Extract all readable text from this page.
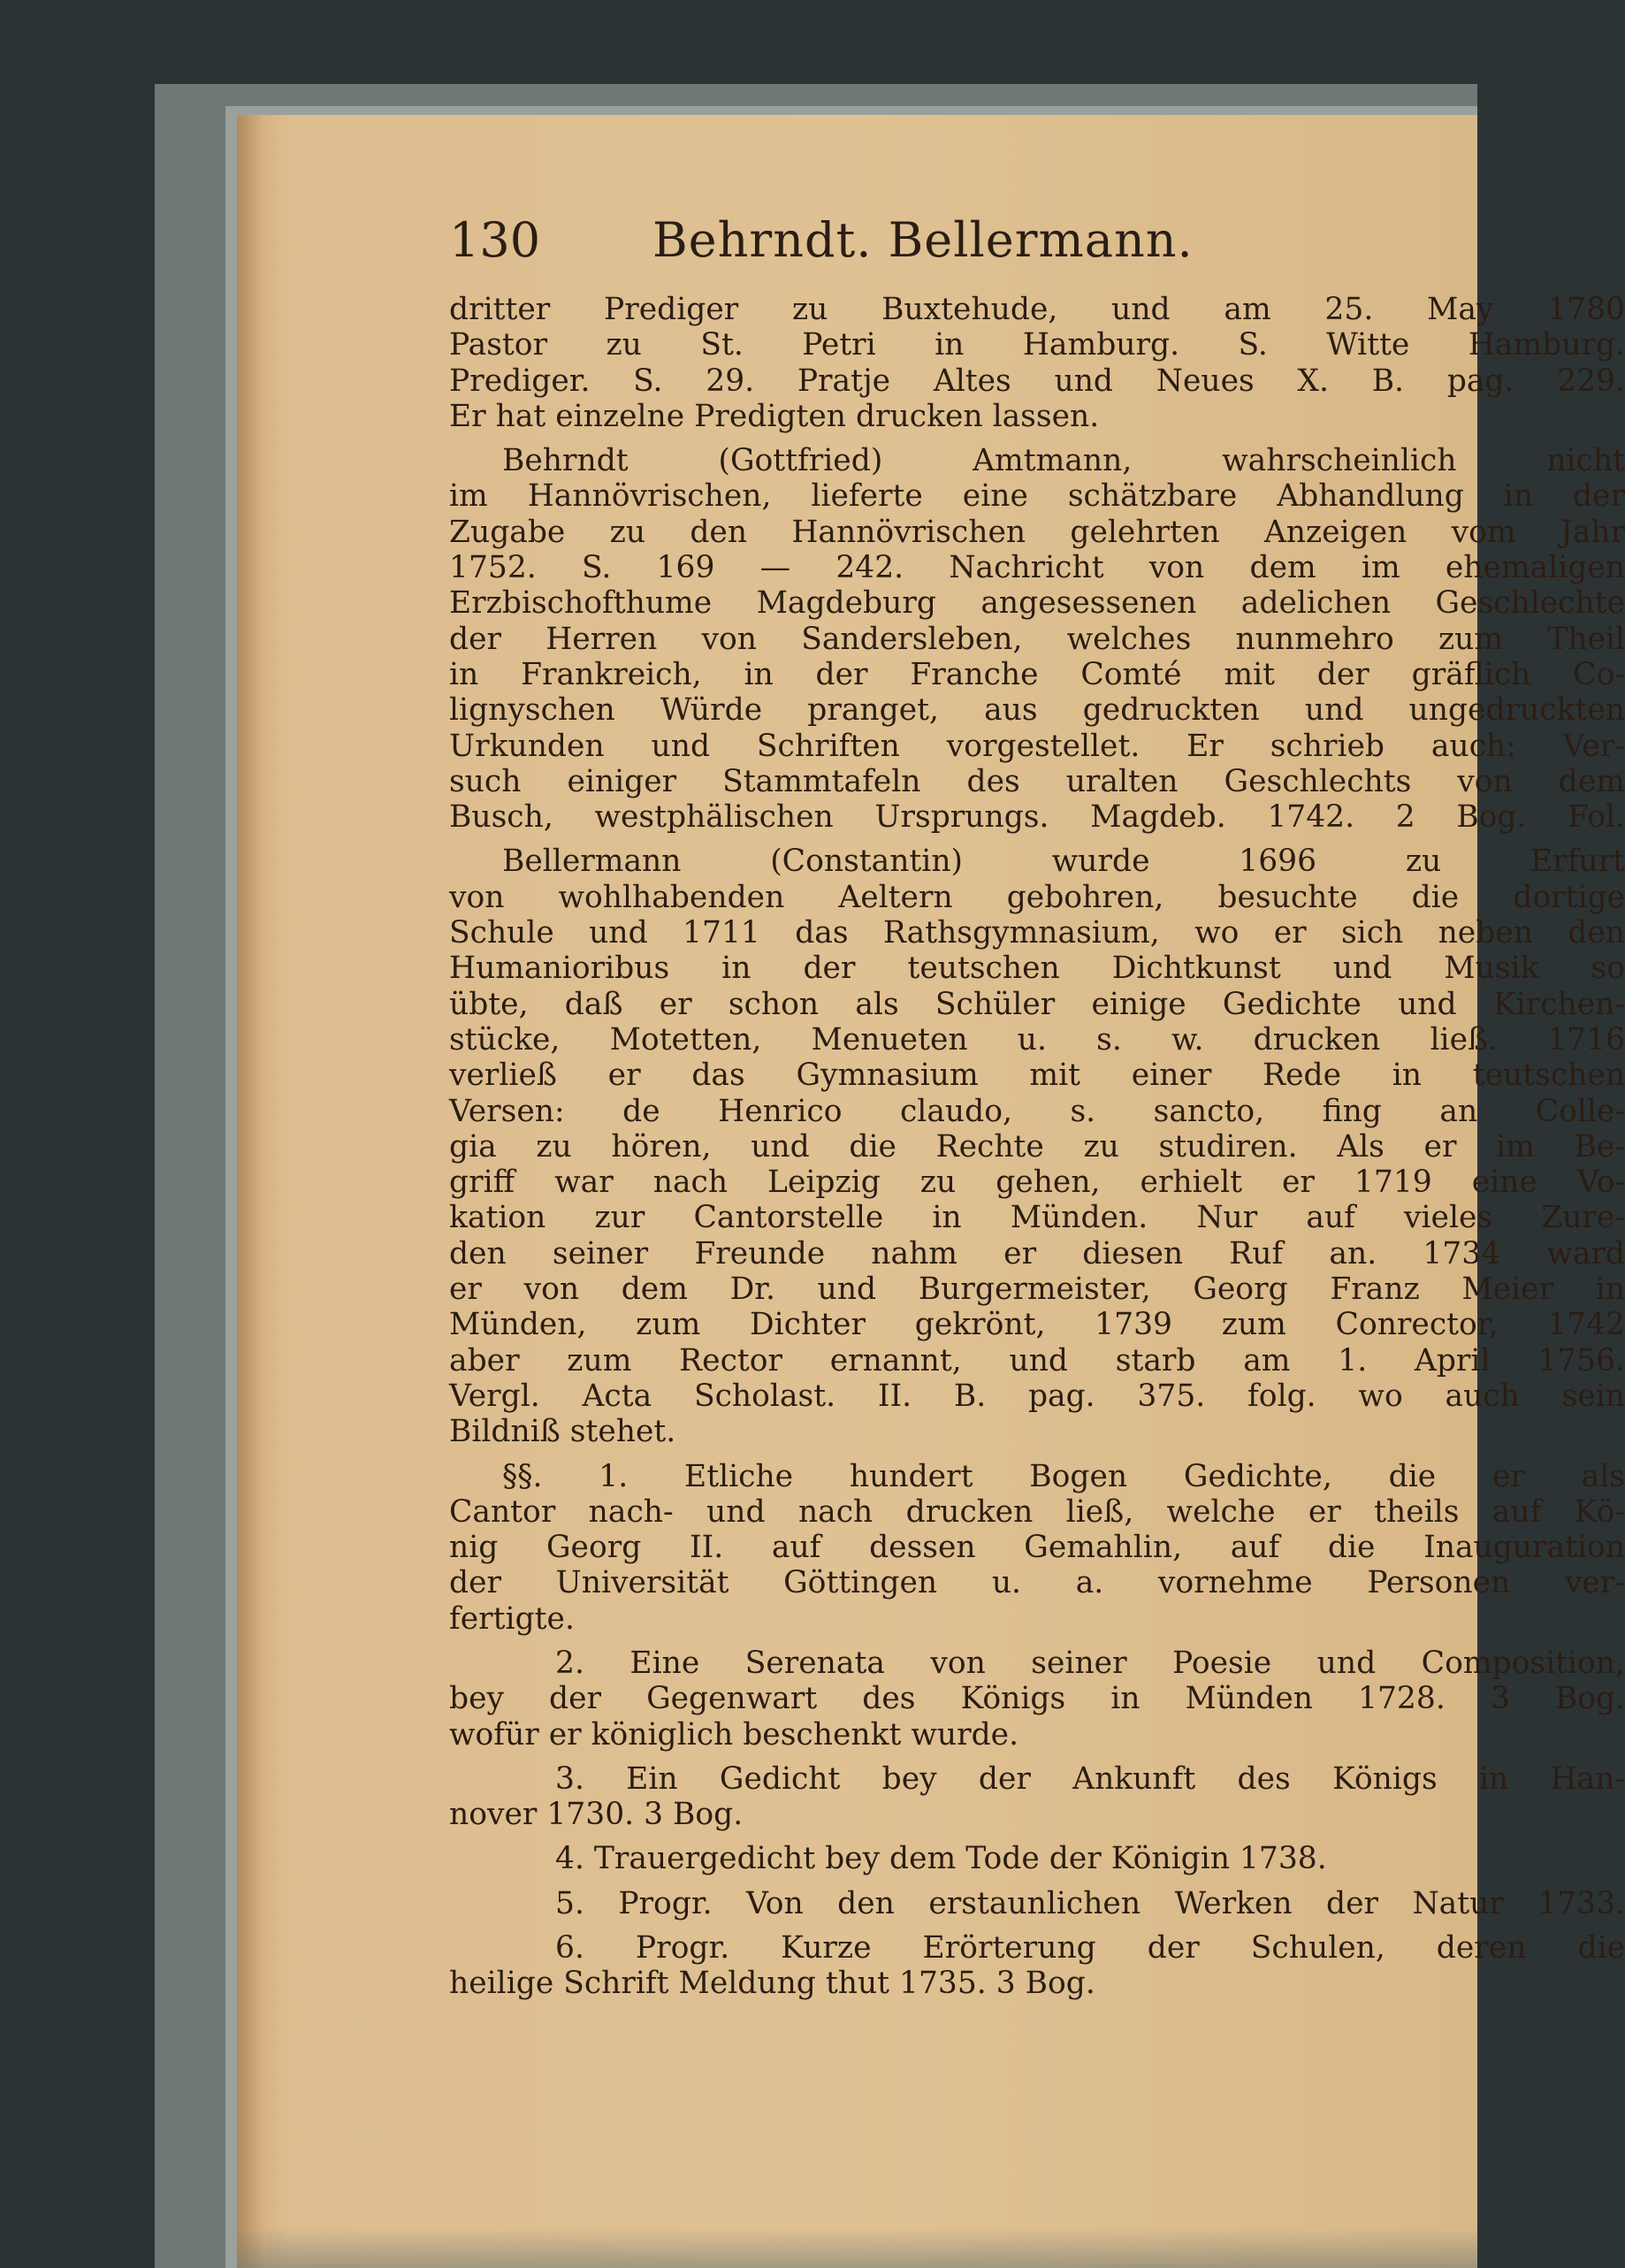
130 Behrndt. Bellermann.
dritter Prediger zu Buxtehude, und am 25. May 1780
Pastor zu St. Petri in Hamburg. S. Witte Hamburg.
Prediger. S. 29. Pratje Altes und Neues X. B. pag. 229.
Er hat einzelne Predigten drucken lassen.
Behrndt (Gottfried) Amtmann, wahrscheinlich nicht
im Hannövrischen, lieferte eine schätzbare Abhandlung in der
Zugabe zu den Hannövrischen gelehrten Anzeigen vom Jahr
1752. S. 169 — 242. Nachricht von dem im ehemaligen
Erzbischofthume Magdeburg angesessenen adelichen Geschlechte
der Herren von Sandersleben, welches nunmehro zum Theil
in Frankreich, in der Franche Comté mit der gräflich Co-
lignyschen Würde pranget, aus gedruckten und ungedruckten
Urkunden und Schriften vorgestellet. Er schrieb auch: Ver-
such einiger Stammtafeln des uralten Geschlechts von dem
Busch, westphälischen Ursprungs. Magdeb. 1742. 2 Bog. Fol.
Bellermann (Constantin) wurde 1696 zu Erfurt
von wohlhabenden Aeltern gebohren, besuchte die dortige
Schule und 1711 das Rathsgymnasium, wo er sich neben den
Humanioribus in der teutschen Dichtkunst und Musik so
übte, daß er schon als Schüler einige Gedichte und Kirchen-
stücke, Motetten, Menueten u. s. w. drucken ließ. 1716
verließ er das Gymnasium mit einer Rede in teutschen
Versen: de Henrico claudo, s. sancto, fing an Colle-
gia zu hören, und die Rechte zu studiren. Als er im Be-
griff war nach Leipzig zu gehen, erhielt er 1719 eine Vo-
kation zur Cantorstelle in Münden. Nur auf vieles Zure-
den seiner Freunde nahm er diesen Ruf an. 1734 ward
er von dem Dr. und Burgermeister, Georg Franz Meier in
Münden, zum Dichter gekrönt, 1739 zum Conrector, 1742
aber zum Rector ernannt, und starb am 1. April 1756.
Vergl. Acta Scholast. II. B. pag. 375. folg. wo auch sein
Bildniß stehet.
§§. 1. Etliche hundert Bogen Gedichte, die er als
Cantor nach- und nach drucken ließ, welche er theils auf Kö-
nig Georg II. auf dessen Gemahlin, auf die Inauguration
der Universität Göttingen u. a. vornehme Personen ver-
fertigte.
2. Eine Serenata von seiner Poesie und Composition,
bey der Gegenwart des Königs in Münden 1728. 3 Bog.
wofür er königlich beschenkt wurde.
3. Ein Gedicht bey der Ankunft des Königs in Han-
nover 1730. 3 Bog.
4. Trauergedicht bey dem Tode der Königin 1738.
5. Progr. Von den erstaunlichen Werken der Natur 1733.
6. Progr. Kurze Erörterung der Schulen, deren die
heilige Schrift Meldung thut 1735. 3 Bog.
